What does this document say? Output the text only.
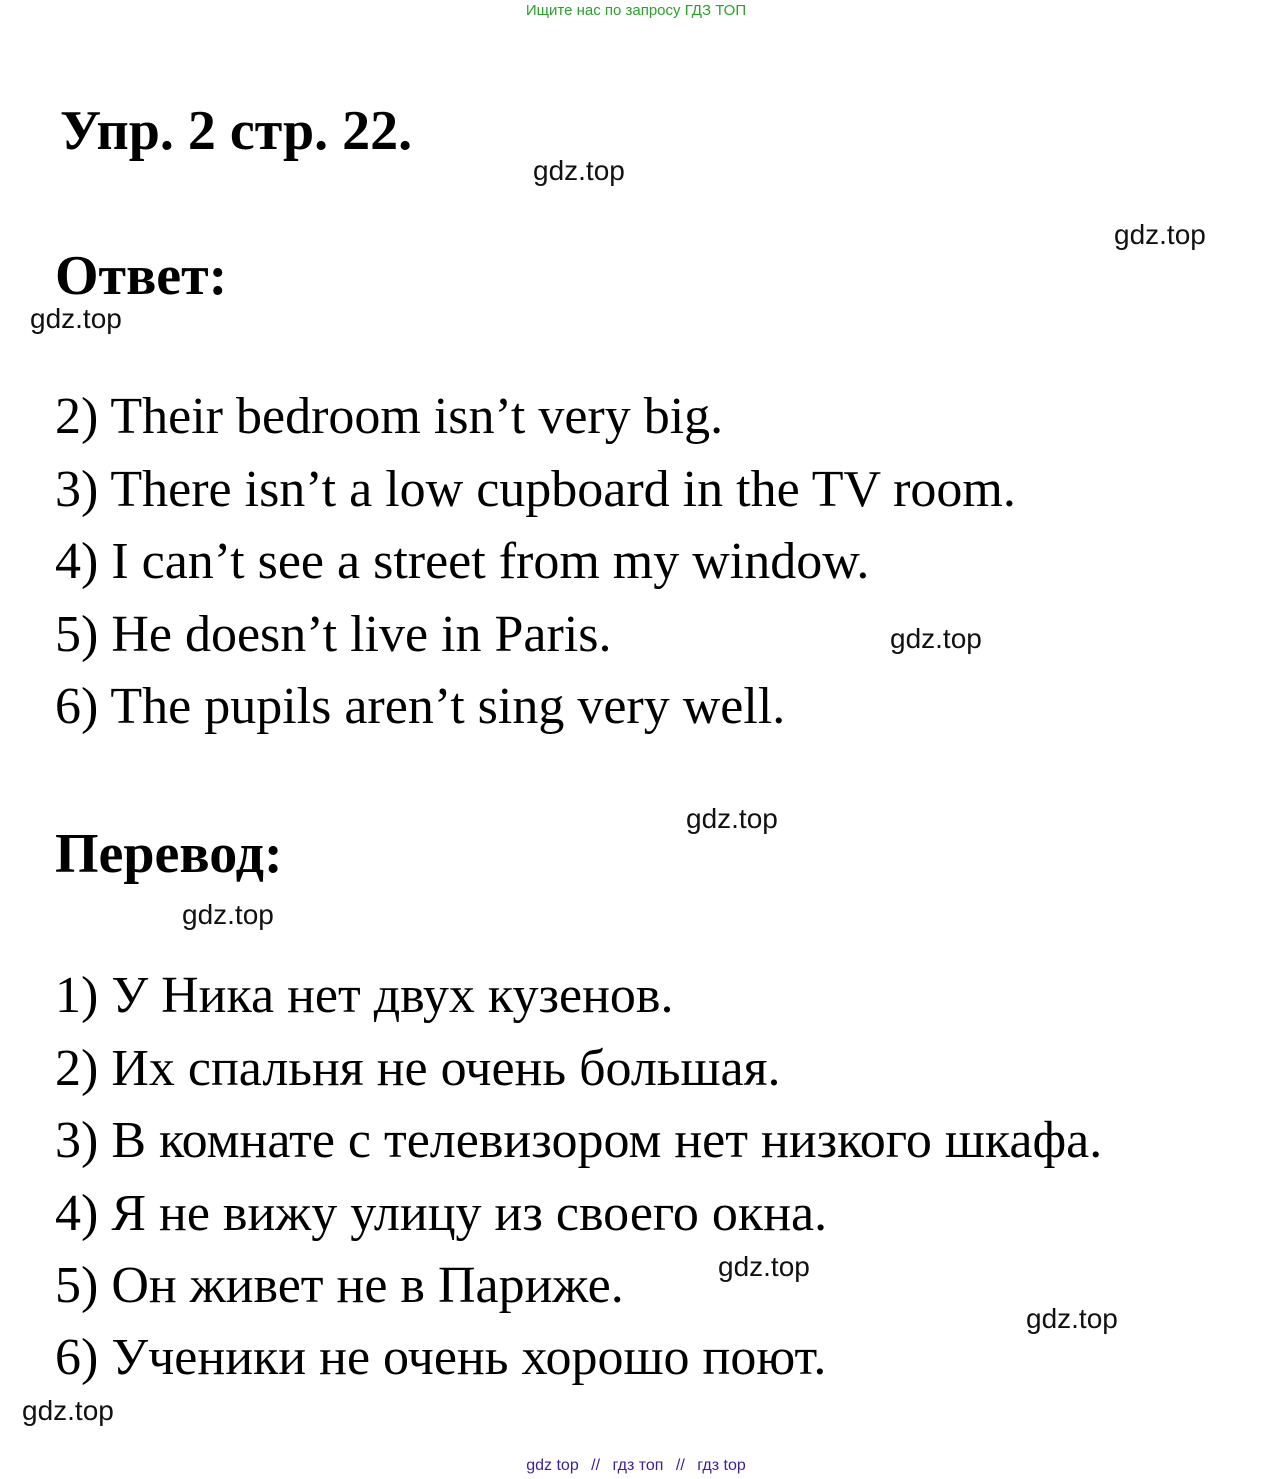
Ищите нас по запросу ГДЗ ТОП
Упр. 2 стр. 22.
gdz.top
gdz.top
Ответ:
gdz.top
2) Their bedroom isn’t very big.
3) There isn’t a low cupboard in the TV room.
4) I can’t see a street from my window.
5) He doesn’t live in Paris.	gdz.top
6) The pupils aren’t sing very well.
gdz.top
Перевод:
gdz.top
1) У Ника нет двух кузенов.
2) Их спальня не очень большая.
3) В комнате с телевизором нет низкого шкафа.
4) Я не вижу улицу из своего окна.
gdz.top
5) Он живет не в Париже.
gdz.top
6) Ученики не очень хорошо поют.
gdz.top
gdz top // гдз топ // гдз top
